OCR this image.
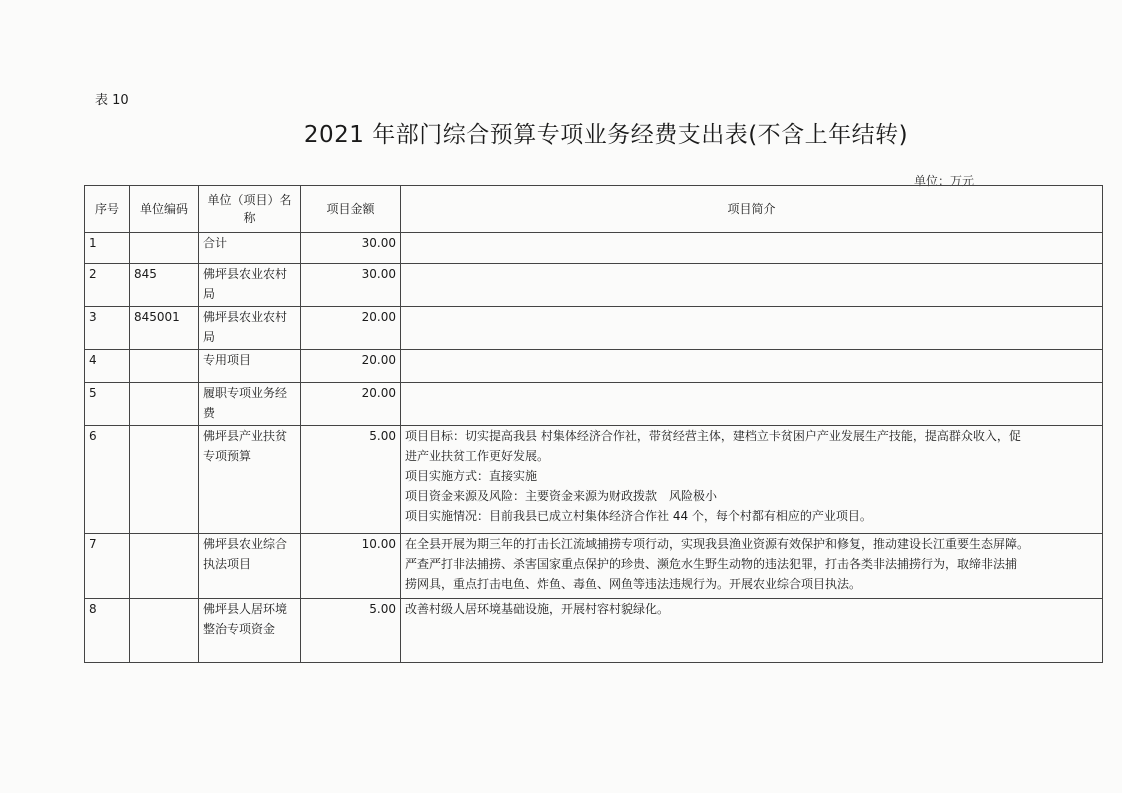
表 10
2021 年部门综合预算专项业务经费支出表(不含上年结转)
单位：万元
序号	单位编码	单位（项目）名称	项目金额	项目简介
1		合计	30.00	
2	845	佛坪县农业农村局	30.00	
3	845001	佛坪县农业农村局	20.00	
4		专用项目	20.00	
5		履职专项业务经费	20.00	
6		佛坪县产业扶贫专项预算	5.00	项目目标：切实提高我县 村集体经济合作社，带贫经营主体，建档立卡贫困户产业发展生产技能，提高群众收入，促
进产业扶贫工作更好发展。
项目实施方式：直接实施
项目资金来源及风险：主要资金来源为财政拨款　风险极小
项目实施情况：目前我县已成立村集体经济合作社 44 个，每个村都有相应的产业项目。

7		佛坪县农业综合执法项目	10.00	在全县开展为期三年的打击长江流域捕捞专项行动，实现我县渔业资源有效保护和修复，推动建设长江重要生态屏障。
严查严打非法捕捞、杀害国家重点保护的珍贵、濒危水生野生动物的违法犯罪，打击各类非法捕捞行为，取缔非法捕
捞网具，重点打击电鱼、炸鱼、毒鱼、网鱼等违法违规行为。开展农业综合项目执法。

8		佛坪县人居环境整治专项资金	5.00	改善村级人居环境基础设施，开展村容村貌绿化。
